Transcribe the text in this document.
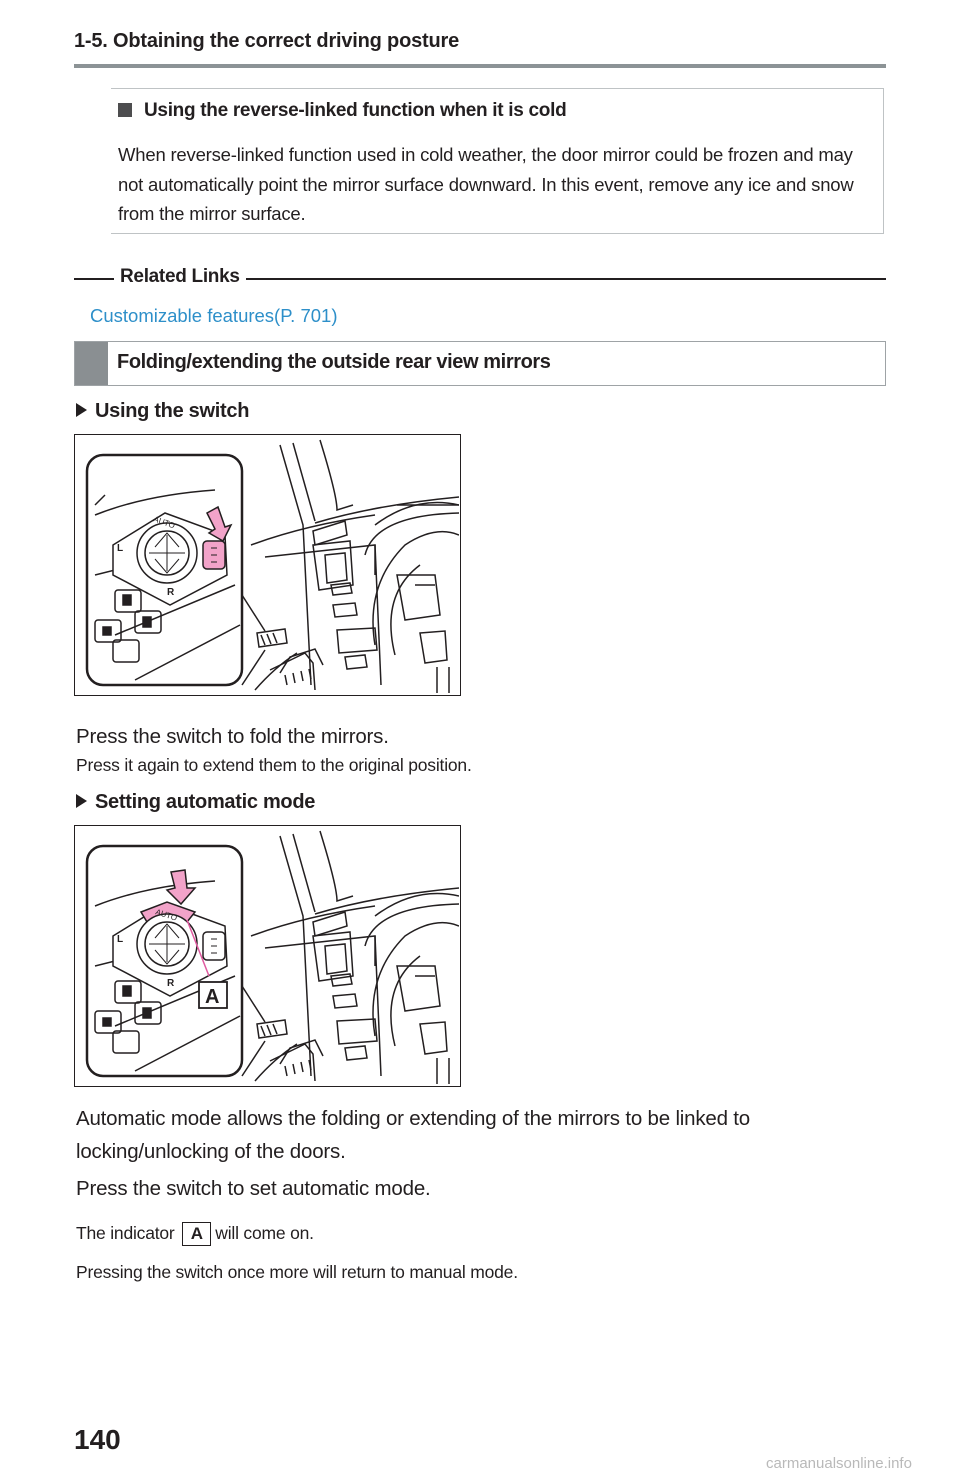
1-5. Obtaining the correct driving posture
Using the reverse-linked function when it is cold
When reverse-linked function used in cold weather, the door mirror could be frozen and may not automatically point the mirror surface downward. In this event, remove any ice and snow from the mirror surface.
Related Links
Customizable features(P. 701)
Folding/extending the outside rear view mirrors
Using the switch
AUTO
L
R
Press the switch to fold the mirrors.
Press it again to extend them to the original position.
Setting automatic mode
AUTO
L
R
A
Automatic mode allows the folding or extending of the mirrors to be linked to locking/unlocking of the doors.
Press the switch to set automatic mode.
The indicator A will come on.
Pressing the switch once more will return to manual mode.
140
carmanualsonline.info
